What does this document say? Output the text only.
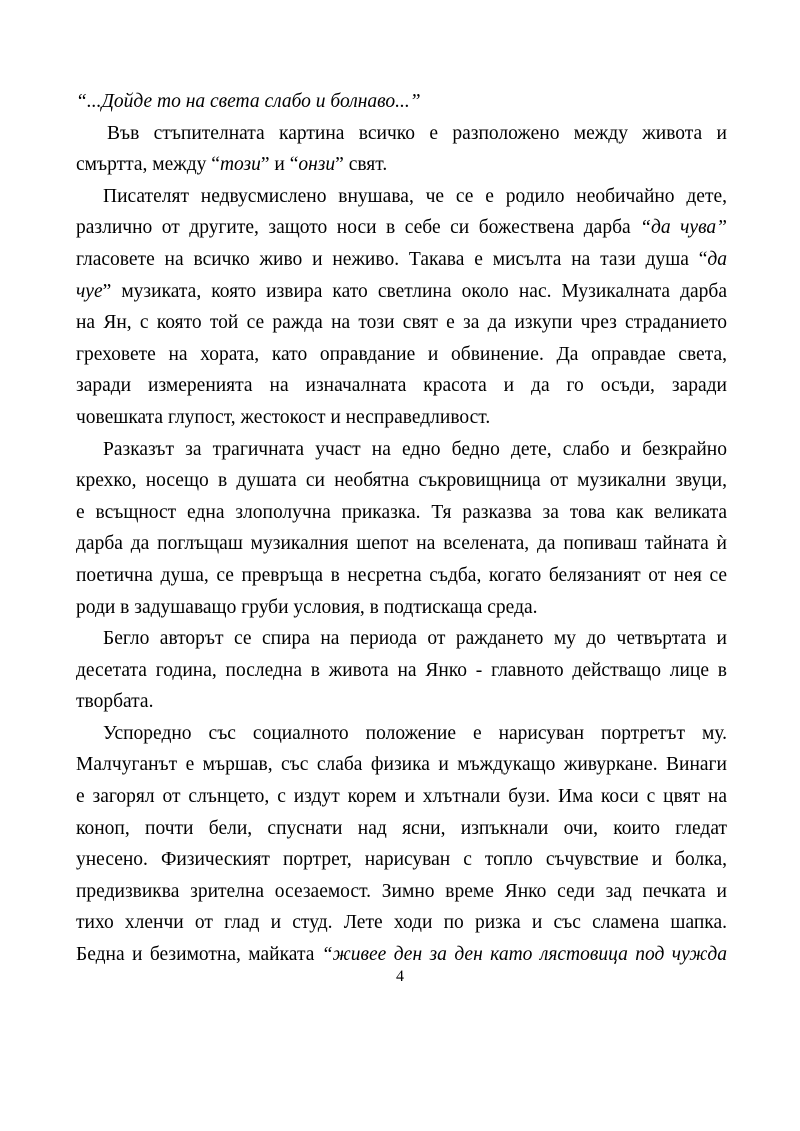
“...Дойде то на света слабо и болнаво...”
Във стъпителната картина всичко е разположено между живота и
смъртта, между “този” и “онзи” свят.
Писателят недвусмислено внушава, че се е родило необичайно дете,
различно от другите, защото носи в себе си божествена дарба “да чува”
гласовете на всичко живо и неживо. Такава е мисълта на тази душа “да
чуе” музиката, която извира като светлина около нас. Музикалната дарба
на Ян, с която той се ражда на този свят е за да изкупи чрез страданието
греховете на хората, като оправдание и обвинение. Да оправдае света,
заради измеренията на изначалната красота и да го осъди, заради
човешката глупост, жестокост и несправедливост.
Разказът за трагичната участ на едно бедно дете, слабо и безкрайно
крехко, носещо в душата си необятна съкровищница от музикални звуци,
е всъщност една злополучна приказка. Тя разказва за това как великата
дарба да поглъщаш музикалния шепот на вселената, да попиваш тайната ѝ
поетична душа, се превръща в несретна съдба, когато белязаният от нея се
роди в задушаващо груби условия, в подтискаща среда.
Бегло авторът се спира на периода от раждането му до четвъртата и
десетата година, последна в живота на Янко - главното действащо лице в
творбата.
Успоредно със социалното положение е нарисуван портретът му.
Малчуганът е мършав, със слаба физика и мъждукащо живуркане. Винаги
е загорял от слънцето, с издут корем и хлътнали бузи. Има коси с цвят на
коноп, почти бели, спуснати над ясни, изпъкнали очи, които гледат
унесено. Физическият портрет, нарисуван с топло съчувствие и болка,
предизвиква зрителна осезаемост. Зимно време Янко седи зад печката и
тихо хленчи от глад и студ. Лете ходи по ризка и със сламена шапка.
Бедна и безимотна, майката “живее ден за ден като лястовица под чужда
4
